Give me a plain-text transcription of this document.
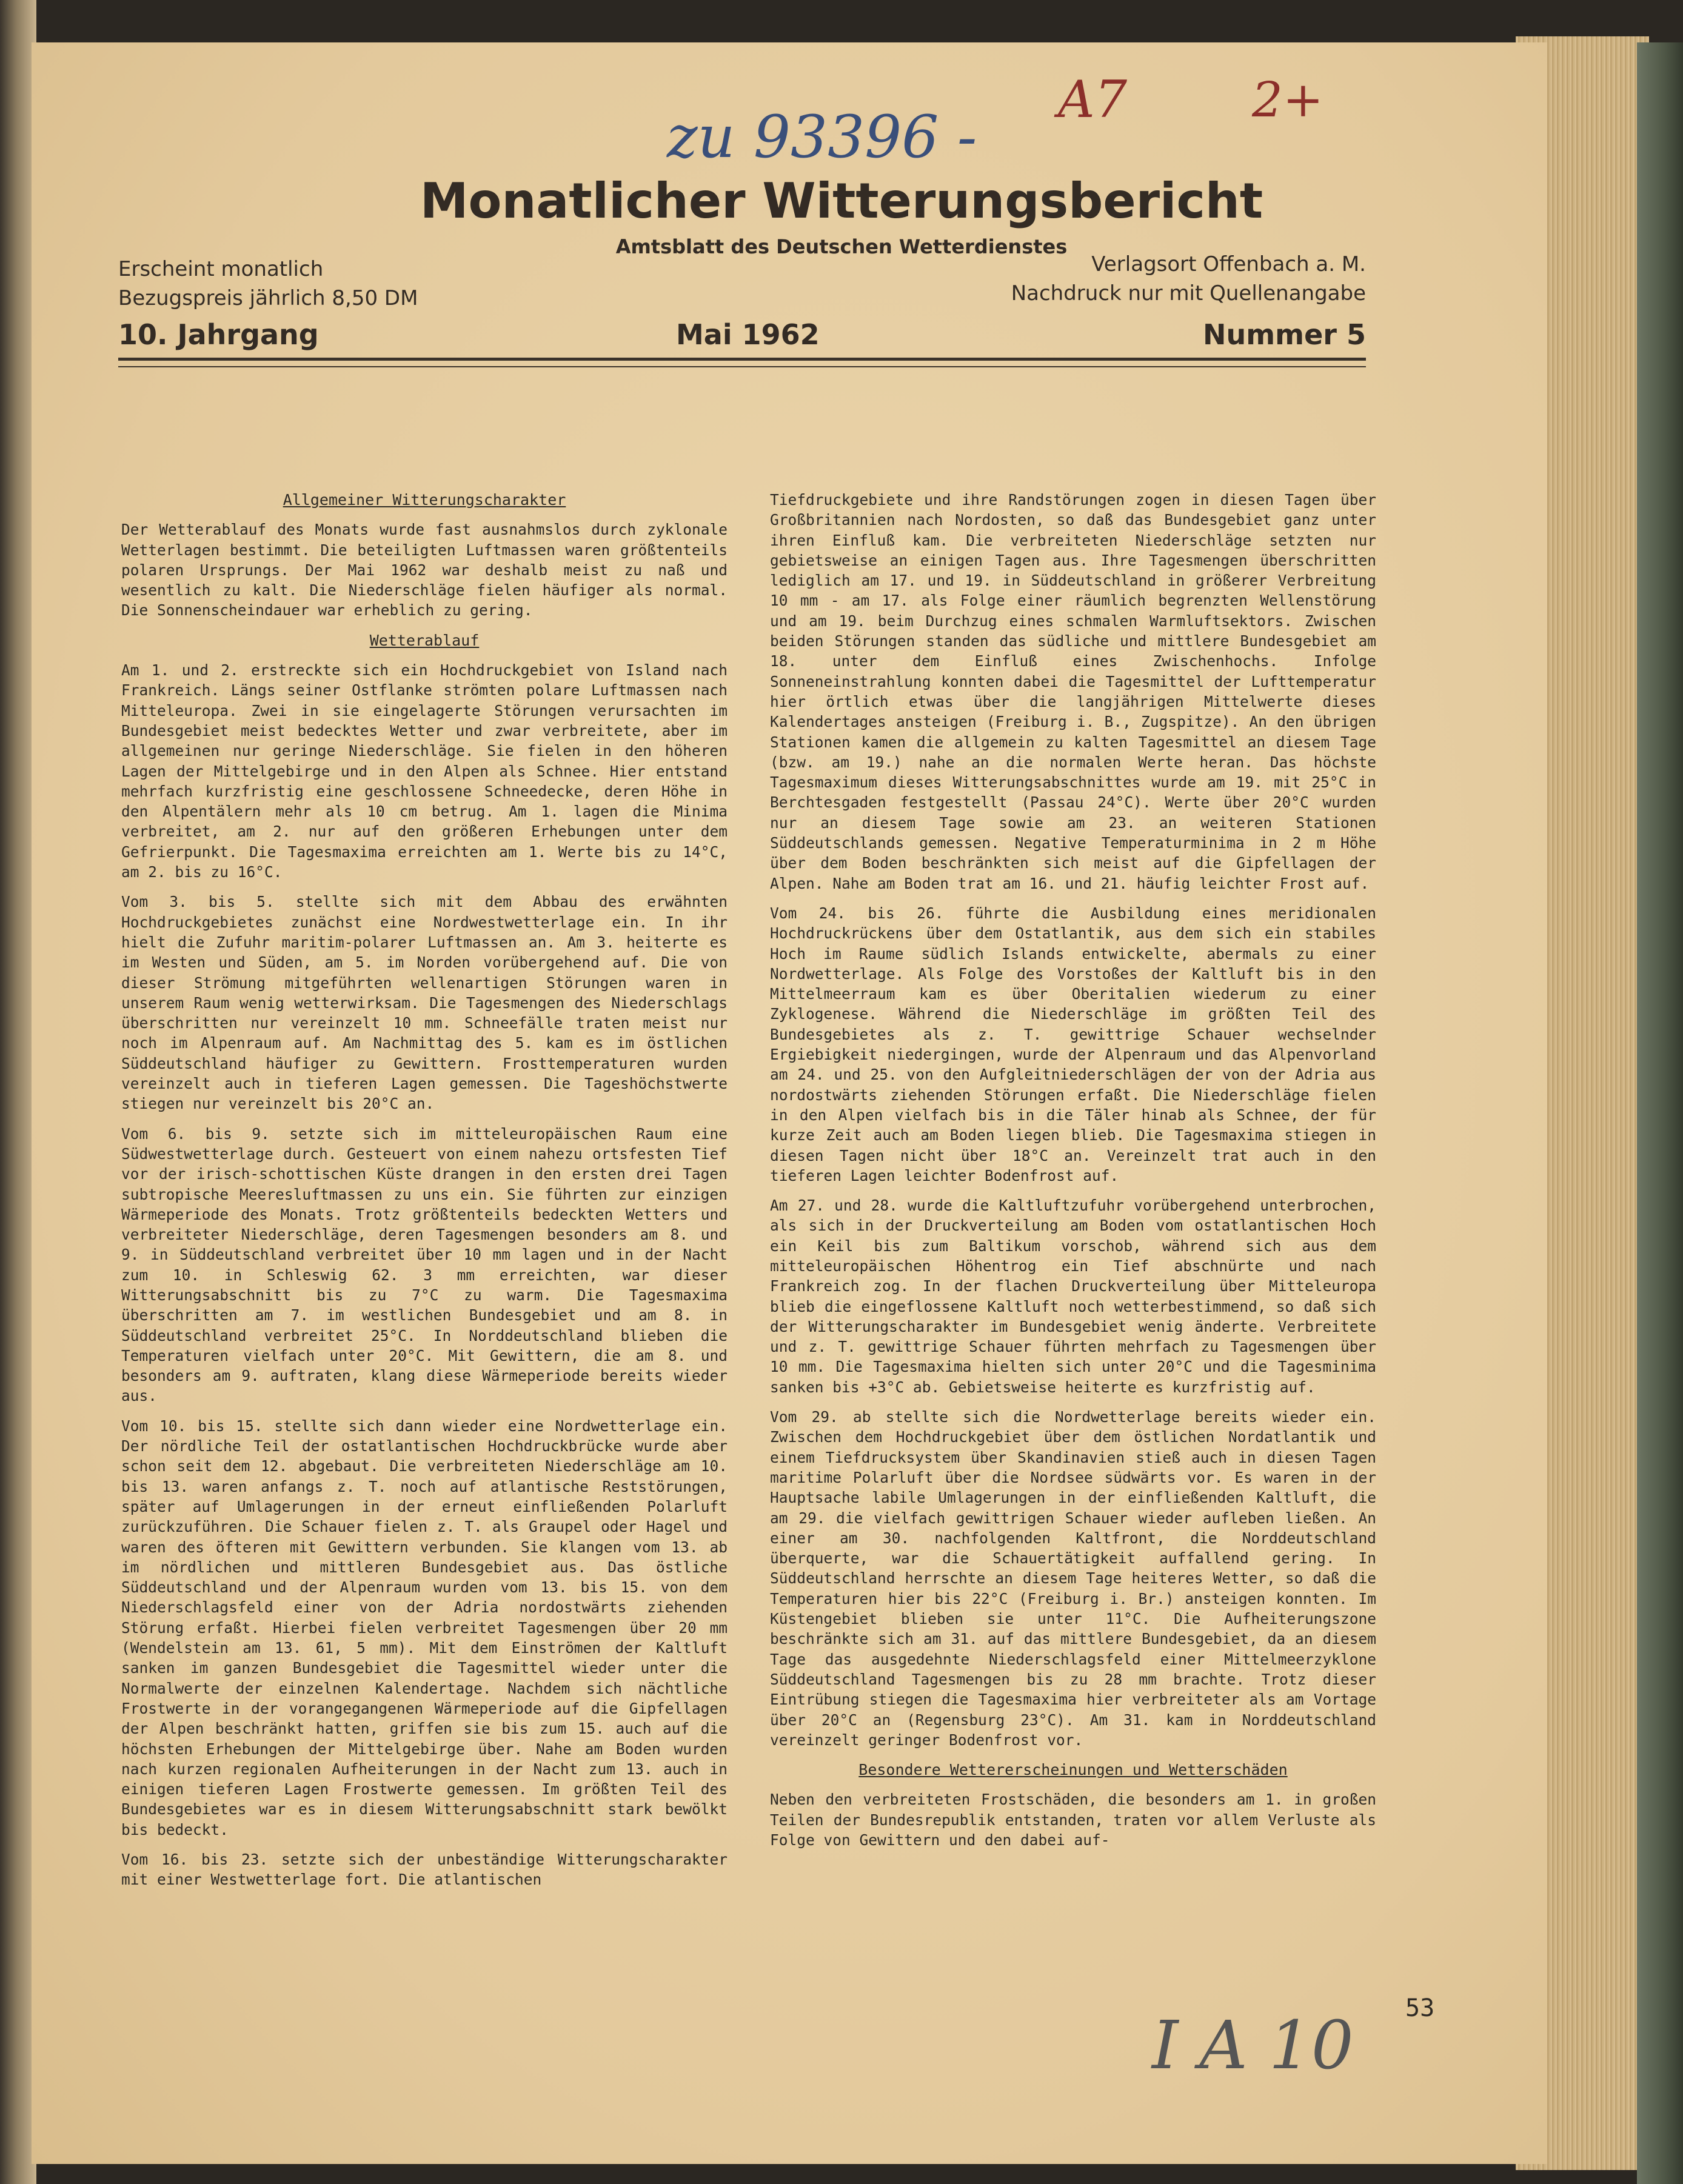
zu 93396 -
A7	2+
Monatlicher Witterungsbericht
Amtsblatt des Deutschen Wetterdienstes
Erscheint monatlich
Bezugspreis jährlich 8,50 DM
Verlagsort Offenbach a. M.
Nachdruck nur mit Quellenangabe
10. Jahrgang	Mai 1962	Nummer 5
Allgemeiner Witterungscharakter

Der Wetterablauf des Monats wurde fast ausnahmslos durch zyklonale Wetterlagen bestimmt. Die beteiligten Luftmassen waren größtenteils polaren Ursprungs. Der Mai 1962 war deshalb meist zu naß und wesentlich zu kalt. Die Niederschläge fielen häufiger als normal. Die Sonnenscheindauer war erheblich zu gering.

Wetterablauf

Am 1. und 2. erstreckte sich ein Hochdruckgebiet von Island nach Frankreich. Längs seiner Ostflanke strömten polare Luftmassen nach Mitteleuropa. Zwei in sie eingelagerte Störungen verursachten im Bundesgebiet meist bedecktes Wetter und zwar verbreitete, aber im allgemeinen nur geringe Niederschläge. Sie fielen in den höheren Lagen der Mittelgebirge und in den Alpen als Schnee. Hier entstand mehrfach kurzfristig eine geschlossene Schneedecke, deren Höhe in den Alpentälern mehr als 10 cm betrug. Am 1. lagen die Minima verbreitet, am 2. nur auf den größeren Erhebungen unter dem Gefrierpunkt. Die Tagesmaxima erreichten am 1. Werte bis zu 14°C, am 2. bis zu 16°C.

Vom 3. bis 5. stellte sich mit dem Abbau des erwähnten Hochdruckgebietes zunächst eine Nordwestwetterlage ein. In ihr hielt die Zufuhr maritim-polarer Luftmassen an. Am 3. heiterte es im Westen und Süden, am 5. im Norden vorübergehend auf. Die von dieser Strömung mitgeführten wellenartigen Störungen waren in unserem Raum wenig wetterwirksam. Die Tagesmengen des Niederschlags überschritten nur vereinzelt 10 mm. Schneefälle traten meist nur noch im Alpenraum auf. Am Nachmittag des 5. kam es im östlichen Süddeutschland häufiger zu Gewittern. Frosttemperaturen wurden vereinzelt auch in tieferen Lagen gemessen. Die Tageshöchstwerte stiegen nur vereinzelt bis 20°C an.

Vom 6. bis 9. setzte sich im mitteleuropäischen Raum eine Südwestwetterlage durch. Gesteuert von einem nahezu ortsfesten Tief vor der irisch-schottischen Küste drangen in den ersten drei Tagen subtropische Meeresluftmassen zu uns ein. Sie führten zur einzigen Wärmeperiode des Monats. Trotz größtenteils bedeckten Wetters und verbreiteter Niederschläge, deren Tagesmengen besonders am 8. und 9. in Süddeutschland verbreitet über 10 mm lagen und in der Nacht zum 10. in Schleswig 62. 3 mm erreichten, war dieser Witterungsabschnitt bis zu 7°C zu warm. Die Tagesmaxima überschritten am 7. im westlichen Bundesgebiet und am 8. in Süddeutschland verbreitet 25°C. In Norddeutschland blieben die Temperaturen vielfach unter 20°C. Mit Gewittern, die am 8. und besonders am 9. auftraten, klang diese Wärmeperiode bereits wieder aus.

Vom 10. bis 15. stellte sich dann wieder eine Nordwetterlage ein. Der nördliche Teil der ostatlantischen Hochdruckbrücke wurde aber schon seit dem 12. abgebaut. Die verbreiteten Niederschläge am 10. bis 13. waren anfangs z. T. noch auf atlantische Reststörungen, später auf Umlagerungen in der erneut einfließenden Polarluft zurückzuführen. Die Schauer fielen z. T. als Graupel oder Hagel und waren des öfteren mit Gewittern verbunden. Sie klangen vom 13. ab im nördlichen und mittleren Bundesgebiet aus. Das östliche Süddeutschland und der Alpenraum wurden vom 13. bis 15. von dem Niederschlagsfeld einer von der Adria nordostwärts ziehenden Störung erfaßt. Hierbei fielen verbreitet Tagesmengen über 20 mm (Wendelstein am 13. 61, 5 mm). Mit dem Einströmen der Kaltluft sanken im ganzen Bundesgebiet die Tagesmittel wieder unter die Normalwerte der einzelnen Kalendertage. Nachdem sich nächtliche Frostwerte in der vorangegangenen Wärmeperiode auf die Gipfellagen der Alpen beschränkt hatten, griffen sie bis zum 15. auch auf die höchsten Erhebungen der Mittelgebirge über. Nahe am Boden wurden nach kurzen regionalen Aufheiterungen in der Nacht zum 13. auch in einigen tieferen Lagen Frostwerte gemessen. Im größten Teil des Bundesgebietes war es in diesem Witterungsabschnitt stark bewölkt bis bedeckt.

Vom 16. bis 23. setzte sich der unbeständige Witterungscharakter mit einer Westwetterlage fort. Die atlantischen

Tiefdruckgebiete und ihre Randstörungen zogen in diesen Tagen über Großbritannien nach Nordosten, so daß das Bundesgebiet ganz unter ihren Einfluß kam. Die verbreiteten Niederschläge setzten nur gebietsweise an einigen Tagen aus. Ihre Tagesmengen überschritten lediglich am 17. und 19. in Süddeutschland in größerer Verbreitung 10 mm - am 17. als Folge einer räumlich begrenzten Wellenstörung und am 19. beim Durchzug eines schmalen Warmluftsektors. Zwischen beiden Störungen standen das südliche und mittlere Bundesgebiet am 18. unter dem Einfluß eines Zwischenhochs. Infolge Sonneneinstrahlung konnten dabei die Tagesmittel der Lufttemperatur hier örtlich etwas über die langjährigen Mittelwerte dieses Kalendertages ansteigen (Freiburg i. B., Zugspitze). An den übrigen Stationen kamen die allgemein zu kalten Tagesmittel an diesem Tage (bzw. am 19.) nahe an die normalen Werte heran. Das höchste Tagesmaximum dieses Witterungsabschnittes wurde am 19. mit 25°C in Berchtesgaden festgestellt (Passau 24°C). Werte über 20°C wurden nur an diesem Tage sowie am 23. an weiteren Stationen Süddeutschlands gemessen. Negative Temperaturminima in 2 m Höhe über dem Boden beschränkten sich meist auf die Gipfellagen der Alpen. Nahe am Boden trat am 16. und 21. häufig leichter Frost auf.

Vom 24. bis 26. führte die Ausbildung eines meridionalen Hochdruckrückens über dem Ostatlantik, aus dem sich ein stabiles Hoch im Raume südlich Islands entwickelte, abermals zu einer Nordwetterlage. Als Folge des Vorstoßes der Kaltluft bis in den Mittelmeerraum kam es über Oberitalien wiederum zu einer Zyklogenese. Während die Niederschläge im größten Teil des Bundesgebietes als z. T. gewittrige Schauer wechselnder Ergiebigkeit niedergingen, wurde der Alpenraum und das Alpenvorland am 24. und 25. von den Aufgleitniederschlägen der von der Adria aus nordostwärts ziehenden Störungen erfaßt. Die Niederschläge fielen in den Alpen vielfach bis in die Täler hinab als Schnee, der für kurze Zeit auch am Boden liegen blieb. Die Tagesmaxima stiegen in diesen Tagen nicht über 18°C an. Vereinzelt trat auch in den tieferen Lagen leichter Bodenfrost auf.

Am 27. und 28. wurde die Kaltluftzufuhr vorübergehend unterbrochen, als sich in der Druckverteilung am Boden vom ostatlantischen Hoch ein Keil bis zum Baltikum vorschob, während sich aus dem mitteleuropäischen Höhentrog ein Tief abschnürte und nach Frankreich zog. In der flachen Druckverteilung über Mitteleuropa blieb die eingeflossene Kaltluft noch wetterbestimmend, so daß sich der Witterungscharakter im Bundesgebiet wenig änderte. Verbreitete und z. T. gewittrige Schauer führten mehrfach zu Tagesmengen über 10 mm. Die Tagesmaxima hielten sich unter 20°C und die Tagesminima sanken bis +3°C ab. Gebietsweise heiterte es kurzfristig auf.

Vom 29. ab stellte sich die Nordwetterlage bereits wieder ein. Zwischen dem Hochdruckgebiet über dem östlichen Nordatlantik und einem Tiefdrucksystem über Skandinavien stieß auch in diesen Tagen maritime Polarluft über die Nordsee südwärts vor. Es waren in der Hauptsache labile Umlagerungen in der einfließenden Kaltluft, die am 29. die vielfach gewittrigen Schauer wieder aufleben ließen. An einer am 30. nachfolgenden Kaltfront, die Norddeutschland überquerte, war die Schauertätigkeit auffallend gering. In Süddeutschland herrschte an diesem Tage heiteres Wetter, so daß die Temperaturen hier bis 22°C (Freiburg i. Br.) ansteigen konnten. Im Küstengebiet blieben sie unter 11°C. Die Aufheiterungszone beschränkte sich am 31. auf das mittlere Bundesgebiet, da an diesem Tage das ausgedehnte Niederschlagsfeld einer Mittelmeerzyklone Süddeutschland Tagesmengen bis zu 28 mm brachte. Trotz dieser Eintrübung stiegen die Tagesmaxima hier verbreiteter als am Vortage über 20°C an (Regensburg 23°C). Am 31. kam in Norddeutschland vereinzelt geringer Bodenfrost vor.

Besondere Wettererscheinungen und Wetterschäden

Neben den verbreiteten Frostschäden, die besonders am 1. in großen Teilen der Bundesrepublik entstanden, traten vor allem Verluste als Folge von Gewittern und den dabei auf-

53
I A 10
